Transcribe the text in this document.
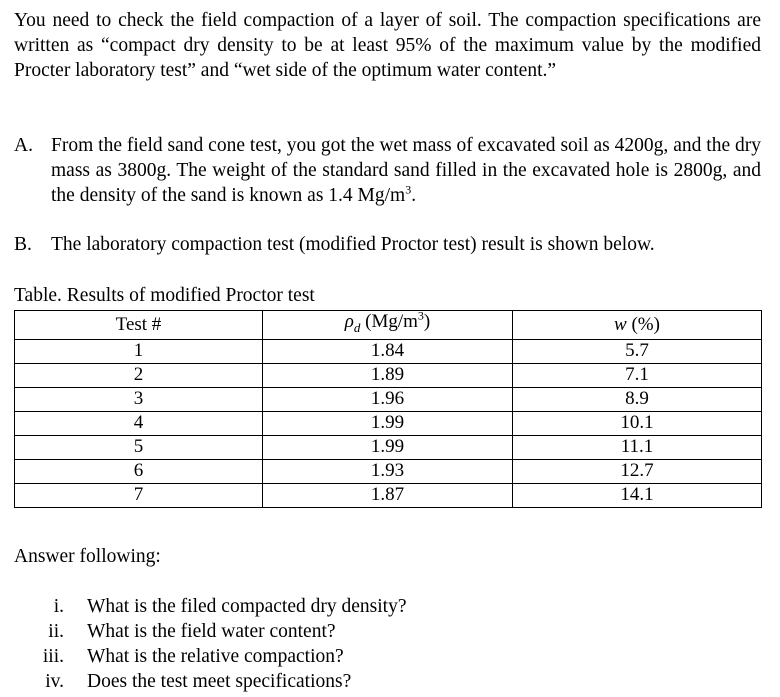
You need to check the field compaction of a layer of soil. The compaction specifications are written as “compact dry density to be at least 95% of the maximum value by the modified Procter laboratory test” and “wet side of the optimum water content.”

A. From the field sand cone test, you got the wet mass of excavated soil as 4200g, and the dry mass as 3800g. The weight of the standard sand filled in the excavated hole is 2800g, and the density of the sand is known as 1.4 $Mg/m^3$.
B. The laboratory compaction test (modified Proctor test) result is shown below.
Table. Results of modified Proctor test
Test #	$\rho_d$ $(Mg/m^3)$	w (%)
1	1.84	5.7
2	1.89	7.1
3	1.96	8.9
4	1.99	10.1
5	1.99	11.1
6	1.93	12.7
7	1.87	14.1
Answer following:
i. What is the filed compacted dry density?
ii. What is the field water content?
iii. What is the relative compaction?
iv. Does the test meet specifications?
